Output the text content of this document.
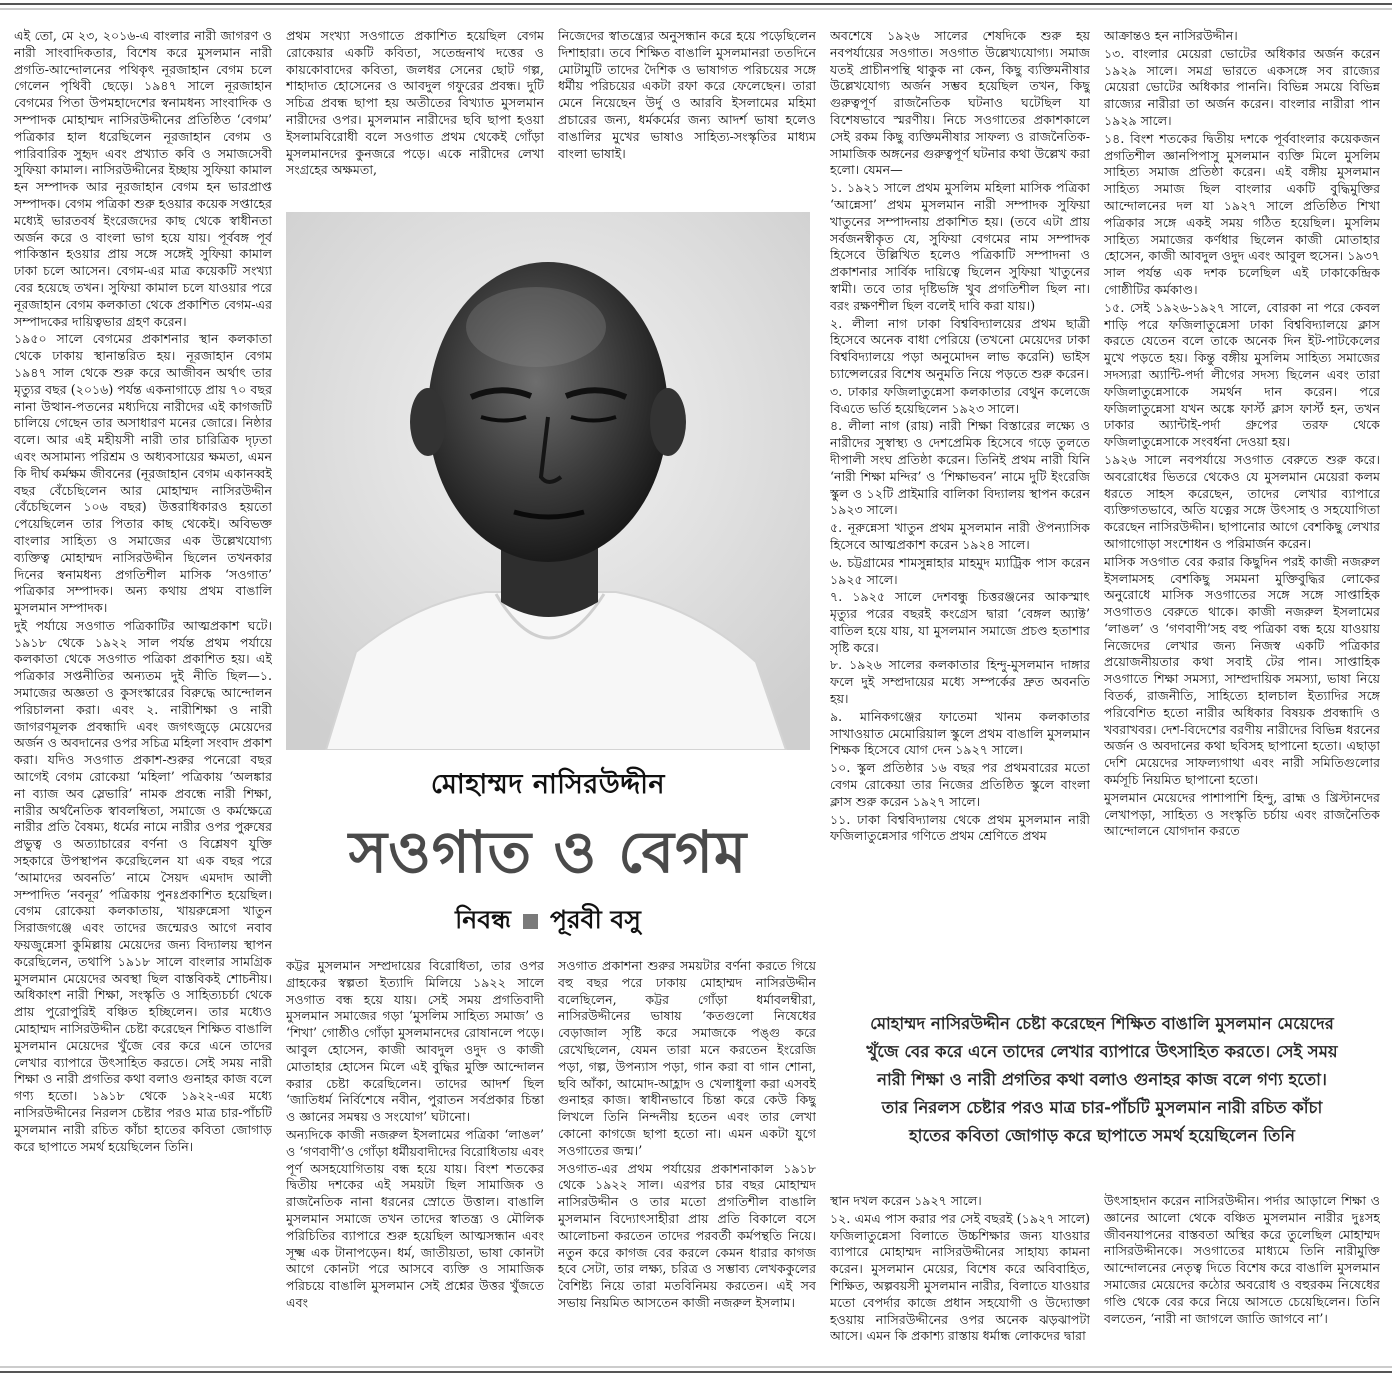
এই তো, মে ২৩, ২০১৬-এ বাংলার নারী জাগরণ ও নারী সাংবাদিকতার, বিশেষ করে মুসলমান নারী প্রগতি-আন্দোলনের পথিকৃৎ নূরজাহান বেগম চলে গেলেন পৃথিবী ছেড়ে। ১৯৪৭ সালে নূরজাহান বেগমের পিতা উপমহাদেশের স্বনামধন্য সাংবাদিক ও সম্পাদক মোহাম্মদ নাসিরউদ্দীনের প্রতিষ্ঠিত ‘বেগম’ পত্রিকার হাল ধরেছিলেন নূরজাহান বেগম ও পারিবারিক সুহৃদ এবং প্রখ্যাত কবি ও সমাজসেবী সুফিয়া কামাল। নাসিরউদ্দীনের ইচ্ছায় সুফিয়া কামাল হন সম্পাদক আর নূরজাহান বেগম হন ভারপ্রাপ্ত সম্পাদক। বেগম পত্রিকা শুরু হওয়ার কয়েক সপ্তাহের মধ্যেই ভারতবর্ষ ইংরেজদের কাছ থেকে স্বাধীনতা অর্জন করে ও বাংলা ভাগ হয়ে যায়। পূর্ববঙ্গ পূর্ব পাকিস্তান হওয়ার প্রায় সঙ্গে সঙ্গেই সুফিয়া কামাল ঢাকা চলে আসেন। বেগম-এর মাত্র কয়েকটি সংখ্যা বের হয়েছে তখন। সুফিয়া কামাল চলে যাওয়ার পরে নূরজাহান বেগম কলকাতা থেকে প্রকাশিত বেগম-এর সম্পাদকের দায়িত্বভার গ্রহণ করেন।

১৯৫০ সালে বেগমের প্রকাশনার স্থান কলকাতা থেকে ঢাকায় স্থানান্তরিত হয়। নূরজাহান বেগম ১৯৪৭ সাল থেকে শুরু করে আজীবন অর্থাৎ তার মৃত্যুর বছর (২০১৬) পর্যন্ত একনাগাড়ে প্রায় ৭০ বছর নানা উত্থান-পতনের মধ্যদিয়ে নারীদের এই কাগজটি চালিয়ে গেছেন তার অসাধারণ মনের জোরে। নিষ্ঠার বলে। আর এই মহীয়সী নারী তার চারিত্রিক দৃঢ়তা এবং অসামান্য পরিশ্রম ও অধ্যবসায়ের ক্ষমতা, এমন কি দীর্ঘ কর্মক্ষম জীবনের (নূরজাহান বেগম একানব্বই বছর বেঁচেছিলেন আর মোহাম্মদ নাসিরউদ্দীন বেঁচেছিলেন ১০৬ বছর) উত্তরাধিকারও হয়তো পেয়েছিলেন তার পিতার কাছ থেকেই। অবিভক্ত বাংলার সাহিত্য ও সমাজের এক উল্লেখযোগ্য ব্যক্তিত্ব মোহাম্মদ নাসিরউদ্দীন ছিলেন তখনকার দিনের স্বনামধন্য প্রগতিশীল মাসিক ‘সওগাত’ পত্রিকার সম্পাদক। অন্য কথায় প্রথম বাঙালি মুসলমান সম্পাদক।

দুই পর্যায়ে সওগাত পত্রিকাটির আত্মপ্রকাশ ঘটে। ১৯১৮ থেকে ১৯২২ সাল পর্যন্ত প্রথম পর্যায়ে কলকাতা থেকে সওগাত পত্রিকা প্রকাশিত হয়। এই পত্রিকার সপ্তনীতির অন্যতম দুই নীতি ছিল—১. সমাজের অজ্ঞতা ও কুসংস্কারের বিরুদ্ধে আন্দোলন পরিচালনা করা। এবং ২. নারীশিক্ষা ও নারী জাগরণমূলক প্রবন্ধাদি এবং জগৎজুড়ে মেয়েদের অর্জন ও অবদানের ওপর সচিত্র মহিলা সংবাদ প্রকাশ করা। যদিও সওগাত প্রকাশ-শুরুর পনেরো বছর আগেই বেগম রোকেয়া ‘মহিলা’ পত্রিকায় ‘অলঙ্কার না ব্যাজ অব স্লেভারি’ নামক প্রবন্ধে নারী শিক্ষা, নারীর অর্থনৈতিক স্বাবলম্বিতা, সমাজে ও কর্মক্ষেত্রে নারীর প্রতি বৈষম্য, ধর্মের নামে নারীর ওপর পুরুষের প্রভুত্ব ও অত্যাচারের বর্ণনা ও বিশ্লেষণ যুক্তি সহকারে উপস্থাপন করেছিলেন যা এক বছর পরে ‘আমাদের অবনতি’ নামে সৈয়দ এমদাদ আলী সম্পাদিত ‘নবনূর’ পত্রিকায় পুনঃপ্রকাশিত হয়েছিল। বেগম রোকেয়া কলকাতায়, খায়রুন্নেসা খাতুন সিরাজগঞ্জে এবং তাদের জন্মেরও আগে নবাব ফয়জুন্নেসা কুমিল্লায় মেয়েদের জন্য বিদ্যালয় স্থাপন করেছিলেন, তথাপি ১৯১৮ সালে বাংলার সামগ্রিক মুসলমান মেয়েদের অবস্থা ছিল বাস্তবিকই শোচনীয়। অধিকাংশ নারী শিক্ষা, সংস্কৃতি ও সাহিত্যচর্চা থেকে প্রায় পুরোপুরিই বঞ্চিত হচ্ছিলেন। তার মধ্যেও মোহাম্মদ নাসিরউদ্দীন চেষ্টা করেছেন শিক্ষিত বাঙালি মুসলমান মেয়েদের খুঁজে বের করে এনে তাদের লেখার ব্যাপারে উৎসাহিত করতে। সেই সময় নারী শিক্ষা ও নারী প্রগতির কথা বলাও গুনাহর কাজ বলে গণ্য হতো। ১৯১৮ থেকে ১৯২২-এর মধ্যে নাসিরউদ্দীনের নিরলস চেষ্টার পরও মাত্র চার-পাঁচটি মুসলমান নারী রচিত কাঁচা হাতের কবিতা জোগাড় করে ছাপাতে সমর্থ হয়েছিলেন তিনি।

প্রথম সংখ্যা সওগাতে প্রকাশিত হয়েছিল বেগম রোকেয়ার একটি কবিতা, সতেন্দ্রনাথ দত্তের ও কায়কোবাদের কবিতা, জলধর সেনের ছোট গল্প, শাহাদাত হোসেনের ও আবদুল গফুরের প্রবন্ধ। দুটি সচিত্র প্রবন্ধ ছাপা হয় অতীতের বিখ্যাত মুসলমান নারীদের ওপর। মুসলমান নারীদের ছবি ছাপা হওয়া ইসলামবিরোধী বলে সওগাত প্রথম থেকেই গোঁড়া মুসলমানদের কুনজরে পড়ে। একে নারীদের লেখা সংগ্রহের অক্ষমতা,

নিজেদের স্বাতন্ত্র্যের অনুসন্ধান করে হয়ে পড়েছিলেন দিশাহারা। তবে শিক্ষিত বাঙালি মুসলমানরা ততদিনে মোটামুটি তাদের দৈশিক ও ভাষাগত পরিচয়ের সঙ্গে ধর্মীয় পরিচয়ের একটা রফা করে ফেলেছেন। তারা মেনে নিয়েছেন উর্দু ও আরবি ইসলামের মহিমা প্রচারের জন্য, ধর্মকর্মের জন্য আদর্শ ভাষা হলেও বাঙালির মুখের ভাষাও সাহিত্য-সংস্কৃতির মাধ্যম বাংলা ভাষাই।

অবশেষে ১৯২৬ সালের শেষদিকে শুরু হয় নবপর্যায়ের সওগাত। সওগাত উল্লেখ্যযোগ্য। সমাজ যতই প্রাচীনপন্থি থাকুক না কেন, কিছু ব্যক্তিমনীষার উল্লেখযোগ্য অর্জন সম্ভব হয়েছিল তখন, কিছু গুরুত্বপূর্ণ রাজনৈতিক ঘটনাও ঘটেছিল যা বিশেষভাবে স্মরণীয়। নিচে সওগাতের প্রকাশকালে সেই রকম কিছু ব্যক্তিমনীষার সাফল্য ও রাজনৈতিক-সামাজিক অঙ্গনের গুরুত্বপূর্ণ ঘটনার কথা উল্লেখ করা হলো। যেমন—

১. ১৯২১ সালে প্রথম মুসলিম মহিলা মাসিক পত্রিকা ‘আন্নেসা’ প্রথম মুসলমান নারী সম্পাদক সুফিয়া খাতুনের সম্পাদনায় প্রকাশিত হয়। (তবে এটা প্রায় সর্বজনস্বীকৃত যে, সুফিয়া বেগমের নাম সম্পাদক হিসেবে উল্লিখিত হলেও পত্রিকাটি সম্পাদনা ও প্রকাশনার সার্বিক দায়িত্বে ছিলেন সুফিয়া খাতুনের স্বামী। তবে তার দৃষ্টিভঙ্গি খুব প্রগতিশীল ছিল না। বরং রক্ষণশীল ছিল বলেই দাবি করা যায়।)

২. লীলা নাগ ঢাকা বিশ্ববিদ্যালয়ের প্রথম ছাত্রী হিসেবে অনেক বাধা পেরিয়ে (তখনো মেয়েদের ঢাকা বিশ্ববিদ্যালয়ে পড়া অনুমোদন লাভ করেনি) ভাইস চ্যান্সেলরের বিশেষ অনুমতি নিয়ে পড়তে শুরু করেন।

৩. ঢাকার ফজিলাতুন্নেসা কলকাতার বেথুন কলেজে বিএতে ভর্তি হয়েছিলেন ১৯২৩ সালে।

৪. লীলা নাগ (রায়) নারী শিক্ষা বিস্তারের লক্ষ্যে ও নারীদের সুস্বাস্থ্য ও দেশপ্রেমিক হিসেবে গড়ে তুলতে দীপালী সংঘ প্রতিষ্ঠা করেন। তিনিই প্রথম নারী যিনি ‘নারী শিক্ষা মন্দির’ ও ‘শিক্ষাভবন’ নামে দুটি ইংরেজি স্কুল ও ১২টি প্রাইমারি বালিকা বিদ্যালয় স্থাপন করেন ১৯২৩ সালে।

৫. নূরুন্নেসা খাতুন প্রথম মুসলমান নারী ঔপন্যাসিক হিসেবে আত্মপ্রকাশ করেন ১৯২৪ সালে।

৬. চট্টগ্রামের শামসুন্নাহার মাহমুদ ম্যাট্রিক পাস করেন ১৯২৫ সালে।

৭. ১৯২৫ সালে দেশবন্ধু চিত্তরঞ্জনের আকস্মাৎ মৃত্যুর পরের বছরই কংগ্রেস দ্বারা ‘বেঙ্গল অ্যাক্ট’ বাতিল হয়ে যায়, যা মুসলমান সমাজে প্রচণ্ড হতাশার সৃষ্টি করে।

৮. ১৯২৬ সালের কলকাতার হিন্দু-মুসলমান দাঙ্গার ফলে দুই সম্প্রদায়ের মধ্যে সম্পর্কের দ্রুত অবনতি হয়।

৯. মানিকগঞ্জের ফাতেমা খানম কলকাতার সাখাওয়াত মেমোরিয়াল স্কুলে প্রথম বাঙালি মুসলমান শিক্ষক হিসেবে যোগ দেন ১৯২৭ সালে।

১০. স্কুল প্রতিষ্ঠার ১৬ বছর পর প্রথমবারের মতো বেগম রোকেয়া তার নিজের প্রতিষ্ঠিত স্কুলে বাংলা ক্লাস শুরু করেন ১৯২৭ সালে।

১১. ঢাকা বিশ্ববিদ্যালয় থেকে প্রথম মুসলমান নারী ফজিলাতুন্নেসার গণিতে প্রথম শ্রেণিতে প্রথম

আক্রান্তও হন নাসিরউদ্দীন।

১৩. বাংলার মেয়েরা ভোটের অধিকার অর্জন করেন ১৯২৯ সালে। সমগ্র ভারতে একসঙ্গে সব রাজ্যের মেয়েরা ভোটের অধিকার পাননি। বিভিন্ন সময়ে বিভিন্ন রাজ্যের নারীরা তা অর্জন করেন। বাংলার নারীরা পান ১৯২৯ সালে।

১৪. বিংশ শতকের দ্বিতীয় দশকে পূর্ববাংলার কয়েকজন প্রগতিশীল জ্ঞানপিপাসু মুসলমান ব্যক্তি মিলে মুসলিম সাহিত্য সমাজ প্রতিষ্ঠা করেন। এই বঙ্গীয় মুসলমান সাহিত্য সমাজ ছিল বাংলার একটি বুদ্ধিমুক্তির আন্দোলনের দল যা ১৯২৭ সালে প্রতিষ্ঠিত শিখা পত্রিকার সঙ্গে একই সময় গঠিত হয়েছিল। মুসলিম সাহিত্য সমাজের কর্ণধার ছিলেন কাজী মোতাহার হোসেন, কাজী আবদুল ওদুদ এবং আবুল হুসেন। ১৯৩৭ সাল পর্যন্ত এক দশক চলেছিল এই ঢাকাকেন্দ্রিক গোষ্ঠীটির কর্মকাণ্ড।

১৫. সেই ১৯২৬-১৯২৭ সালে, বোরকা না পরে কেবল শাড়ি পরে ফজিলাতুন্নেসা ঢাকা বিশ্ববিদ্যালয়ে ক্লাস করতে যেতেন বলে তাকে অনেক দিন ইট-পাটকেলের মুখে পড়তে হয়। কিন্তু বঙ্গীয় মুসলিম সাহিত্য সমাজের সদস্যরা অ্যান্টি-পর্দা লীগের সদস্য ছিলেন এবং তারা ফজিলাতুন্নেসাকে সমর্থন দান করেন। পরে ফজিলাতুন্নেসা যখন অঙ্কে ফার্স্ট ক্লাস ফার্স্ট হন, তখন ঢাকার অ্যান্টাই-পর্দা গ্রুপের তরফ থেকে ফজিলাতুন্নেসাকে সংবর্ধনা দেওয়া হয়।

১৯২৬ সালে নবপর্যায়ে সওগাত বেরুতে শুরু করে। অবরোধের ভিতরে থেকেও যে মুসলমান মেয়েরা কলম ধরতে সাহস করেছেন, তাদের লেখার ব্যাপারে ব্যক্তিগতভাবে, অতি যত্নের সঙ্গে উৎসাহ ও সহযোগিতা করেছেন নাসিরউদ্দীন। ছাপানোর আগে বেশকিছু লেখার আগাগোড়া সংশোধন ও পরিমার্জন করেন।

মাসিক সওগাত বের করার কিছুদিন পরই কাজী নজরুল ইসলামসহ বেশকিছু সমমনা মুক্তিবুদ্ধির লোকের অনুরোধে মাসিক সওগাতের সঙ্গে সঙ্গে সাপ্তাহিক সওগাতও বেরুতে থাকে। কাজী নজরুল ইসলামের ‘লাঙল’ ও ‘গণবাণী’সহ বহু পত্রিকা বন্ধ হয়ে যাওয়ায় নিজেদের লেখার জন্য নিজস্ব একটি পত্রিকার প্রয়োজনীয়তার কথা সবাই টের পান। সাপ্তাহিক সওগাতে শিক্ষা সমস্যা, সাম্প্রদায়িক সমস্যা, ভাষা নিয়ে বিতর্ক, রাজনীতি, সাহিত্যে হালচাল ইত্যাদির সঙ্গে পরিবেশিত হতো নারীর অধিকার বিষয়ক প্রবন্ধাদি ও খবরাখবর। দেশ-বিদেশের বরণীয় নারীদের বিভিন্ন ধরনের অর্জন ও অবদানের কথা ছবিসহ ছাপানো হতো। এছাড়া দেশি মেয়েদের সাফল্যগাথা এবং নারী সমিতিগুলোর কর্মসূচি নিয়মিত ছাপানো হতো।

মুসলমান মেয়েদের পাশাপাশি হিন্দু, ব্রাহ্ম ও খ্রিস্টানদের লেখাপড়া, সাহিত্য ও সংস্কৃতি চর্চায় এবং রাজনৈতিক আন্দোলনে যোগদান করতে

মোহাম্মদ নাসিরউদ্দীন
সওগাত ও বেগম
নিবন্ধ পূরবী বসু

কট্টর মুসলমান সম্প্রদায়ের বিরোধিতা, তার ওপর গ্রাহকের স্বল্পতা ইত্যাদি মিলিয়ে ১৯২২ সালে সওগাত বন্ধ হয়ে যায়। সেই সময় প্রগতিবাদী মুসলমান সমাজের গড়া ‘মুসলিম সাহিত্য সমাজ’ ও ‘শিখা’ গোষ্ঠীও গোঁড়া মুসলমানদের রোষানলে পড়ে। আবুল হোসেন, কাজী আবদুল ওদুদ ও কাজী মোতাহার হোসেন মিলে এই বুদ্ধির মুক্তি আন্দোলন করার চেষ্টা করেছিলেন। তাদের আদর্শ ছিল ‘জাতিধর্ম নির্বিশেষে নবীন, পুরাতন সর্বপ্রকার চিন্তা ও জ্ঞানের সমন্বয় ও সংযোগ’ ঘটানো।

অন্যদিকে কাজী নজরুল ইসলামের পত্রিকা ‘লাঙল’ ও ‘গণবাণী’ও গোঁড়া ধর্মীয়বাদীদের বিরোধিতায় এবং পূর্ণ অসহযোগিতায় বন্ধ হয়ে যায়। বিংশ শতকের দ্বিতীয় দশকের এই সময়টা ছিল সামাজিক ও রাজনৈতিক নানা ধরনের স্রোতে উত্তাল। বাঙালি মুসলমান সমাজে তখন তাদের স্বাতন্ত্র্য ও মৌলিক পরিচিতির ব্যাপারে শুরু হয়েছিল আত্মসন্ধান এবং সূক্ষ্ম এক টানাপড়েন। ধর্ম, জাতীয়তা, ভাষা কোনটা আগে কোনটা পরে আসবে ব্যক্তি ও সামাজিক পরিচয়ে বাঙালি মুসলমান সেই প্রশ্নের উত্তর খুঁজতে এবং

সওগাত প্রকাশনা শুরুর সময়টার বর্ণনা করতে গিয়ে বহু বছর পরে ঢাকায় মোহাম্মদ নাসিরউদ্দীন বলেছিলেন, কট্টর গোঁড়া ধর্মাবলম্বীরা, নাসিরউদ্দীনের ভাষায় ‘কতগুলো নিষেধের বেড়াজাল সৃষ্টি করে সমাজকে পঙ্গু করে রেখেছিলেন, যেমন তারা মনে করতেন ইংরেজি পড়া, গল্প, উপন্যাস পড়া, গান করা বা গান শোনা, ছবি আঁকা, আমোদ-আহ্লাদ ও খেলাধুলা করা এসবই গুনাহর কাজ। স্বাধীনভাবে চিন্তা করে কেউ কিছু লিখলে তিনি নিন্দনীয় হতেন এবং তার লেখা কোনো কাগজে ছাপা হতো না। এমন একটা যুগে সওগাতের জন্ম।’

সওগাত-এর প্রথম পর্যায়ের প্রকাশনাকাল ১৯১৮ থেকে ১৯২২ সাল। এরপর চার বছর মোহাম্মদ নাসিরউদ্দীন ও তার মতো প্রগতিশীল বাঙালি মুসলমান বিদ্যোৎসাহীরা প্রায় প্রতি বিকালে বসে আলোচনা করতেন তাদের পরবর্তী কর্মপন্থতি নিয়ে। নতুন করে কাগজ বের করলে কেমন ধারার কাগজ হবে সেটা, তার লক্ষ্য, চরিত্র ও সম্ভাব্য লেখককুলের বৈশিষ্ট্য নিয়ে তারা মতবিনিময় করতেন। এই সব সভায় নিয়মিত আসতেন কাজী নজরুল ইসলাম।

মোহাম্মদ নাসিরউদ্দীন চেষ্টা করেছেন শিক্ষিত বাঙালি মুসলমান মেয়েদের
খুঁজে বের করে এনে তাদের লেখার ব্যাপারে উৎসাহিত করতে। সেই সময়
নারী শিক্ষা ও নারী প্রগতির কথা বলাও গুনাহর কাজ বলে গণ্য হতো।
তার নিরলস চেষ্টার পরও মাত্র চার-পাঁচটি মুসলমান নারী রচিত কাঁচা
হাতের কবিতা জোগাড় করে ছাপাতে সমর্থ হয়েছিলেন তিনি

স্থান দখল করেন ১৯২৭ সালে।

১২. এমএ পাস করার পর সেই বছরই (১৯২৭ সালে) ফজিলাতুন্নেসা বিলাতে উচ্চশিক্ষার জন্য যাওয়ার ব্যাপারে মোহাম্মদ নাসিরউদ্দীনের সাহায্য কামনা করেন। মুসলমান মেয়ের, বিশেষ করে অবিবাহিত, শিক্ষিত, অল্পবয়সী মুসলমান নারীর, বিলাতে যাওয়ার মতো বেপর্দার কাজে প্রধান সহযোগী ও উদ্যোক্তা হওয়ায় নাসিরউদ্দীনের ওপর অনেক ঝড়ঝাপটা আসে। এমন কি প্রকাশ্য রাস্তায় ধর্মান্ধ লোকদের দ্বারা

উৎসাহদান করেন নাসিরউদ্দীন। পর্দার আড়ালে শিক্ষা ও জ্ঞানের আলো থেকে বঞ্চিত মুসলমান নারীর দুঃসহ জীবনযাপনের বাস্তবতা অস্থির করে তুলেছিল মোহাম্মদ নাসিরউদ্দীনকে। সওগাতের মাধ্যমে তিনি নারীমুক্তি আন্দোলনের নেতৃত্ব দিতে বিশেষ করে বাঙালি মুসলমান সমাজের মেয়েদের কঠোর অবরোধ ও বহুরকম নিষেধের গণ্ডি থেকে বের করে নিয়ে আসতে চেয়েছিলেন। তিনি বলতেন, ‘নারী না জাগলে জাতি জাগবে না’।
